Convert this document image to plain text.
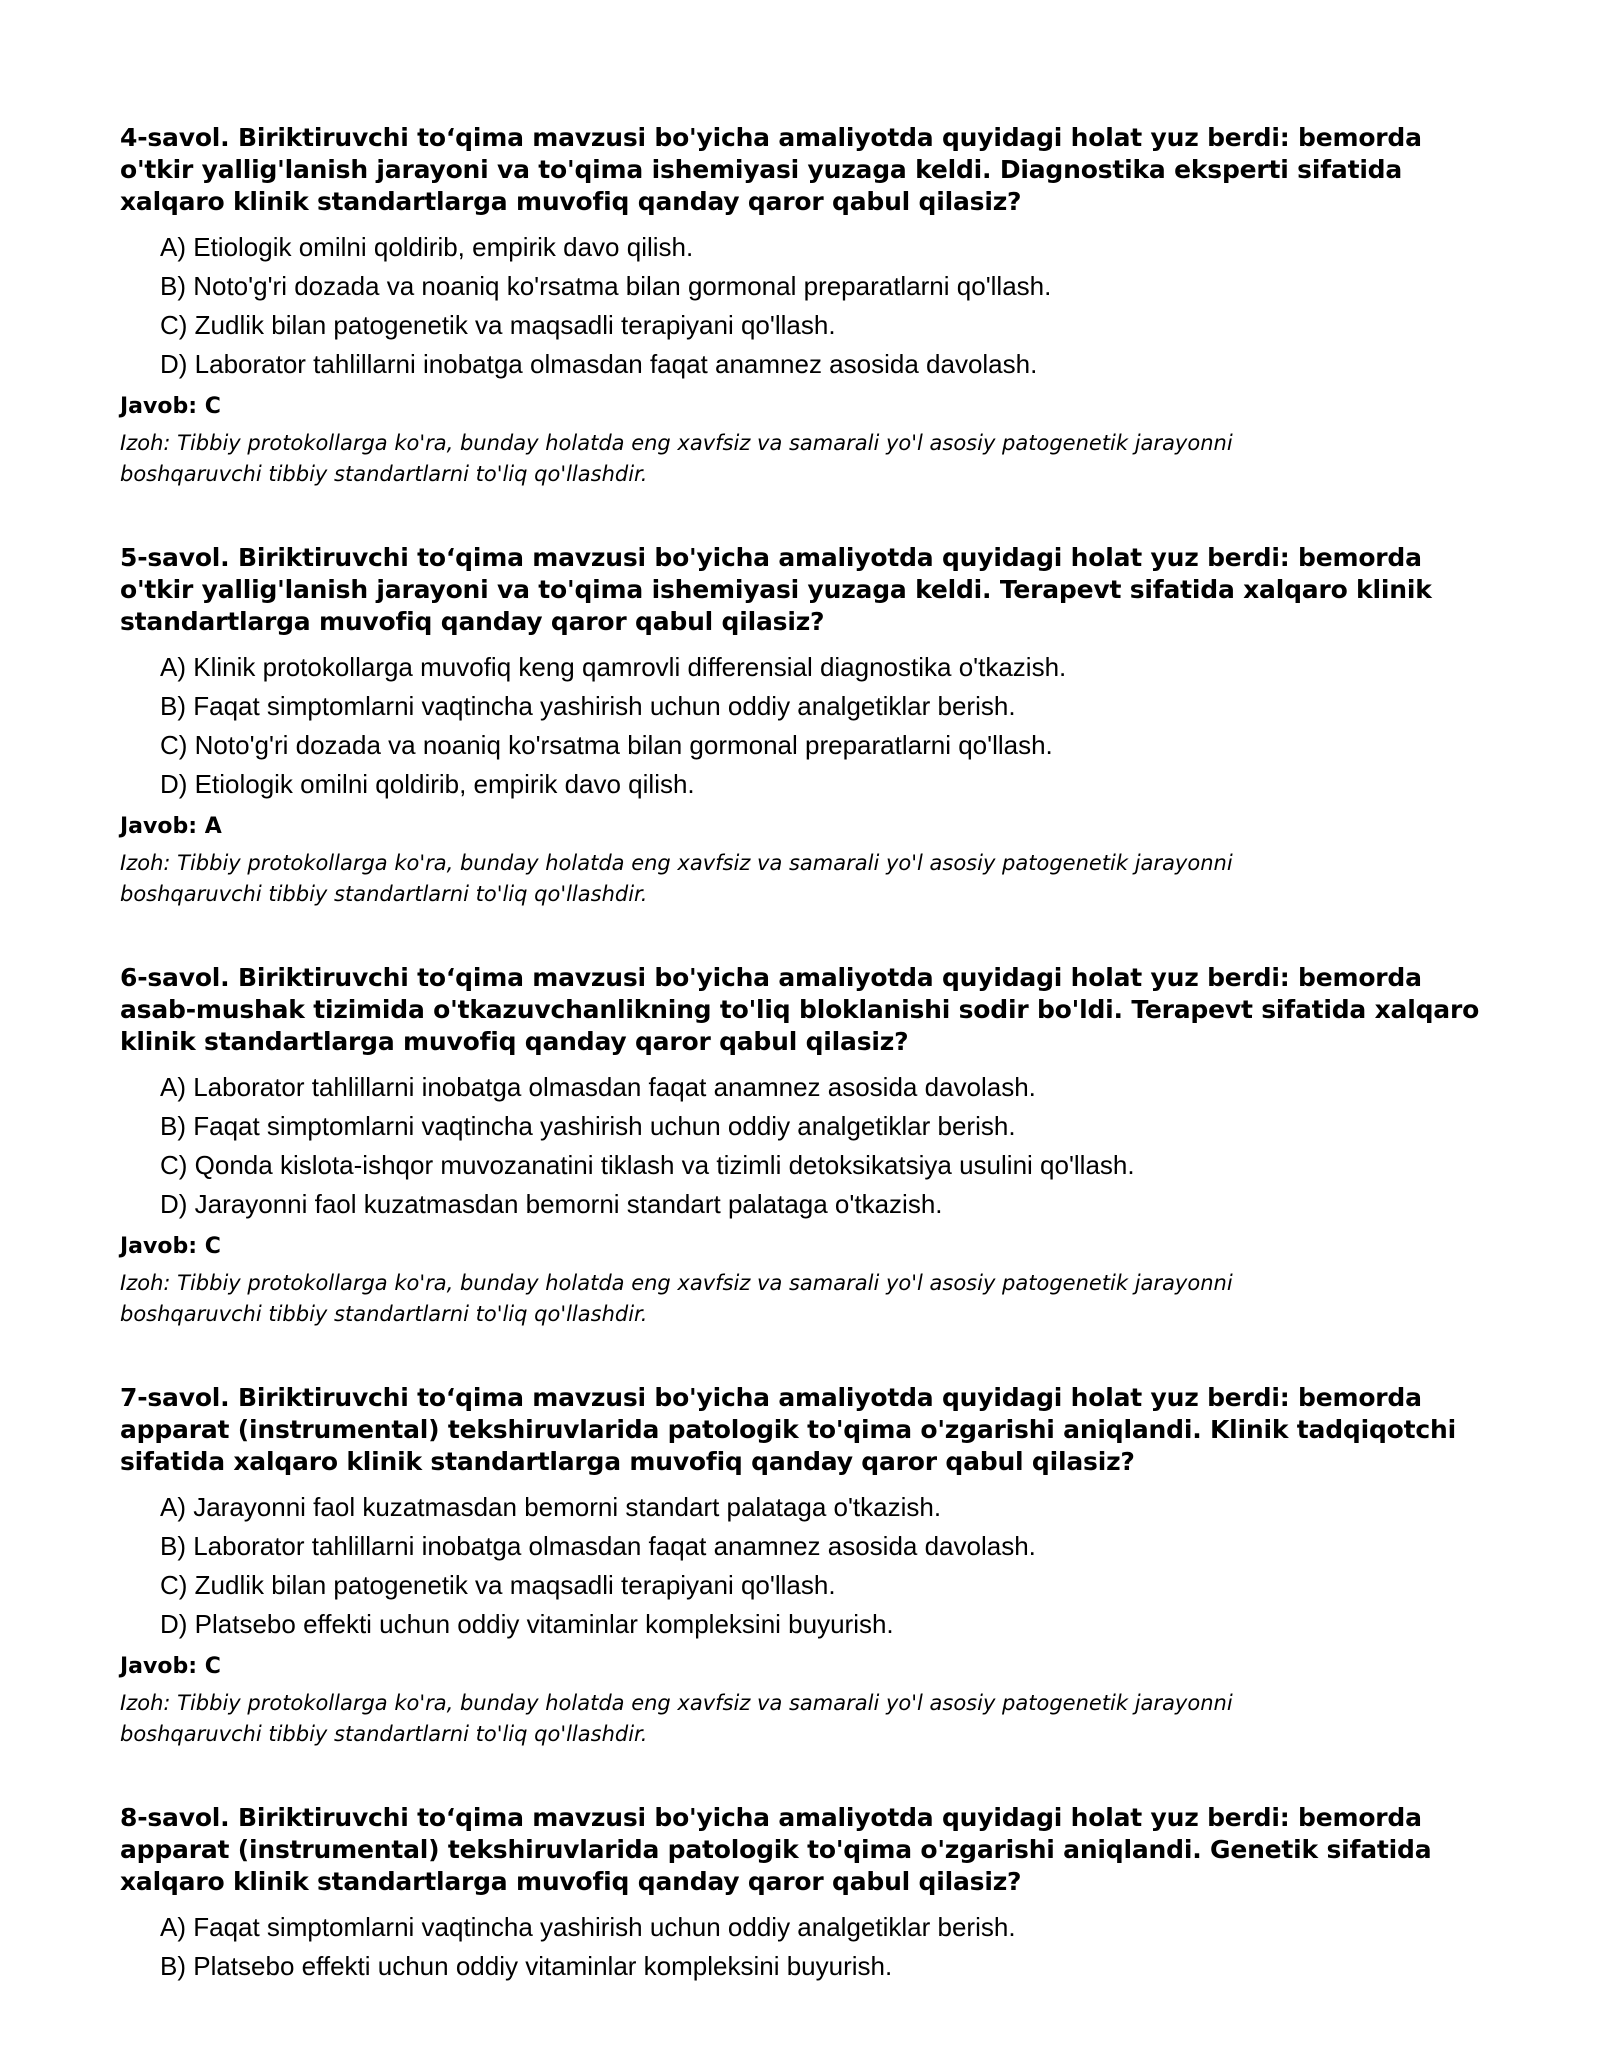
4-savol. Biriktiruvchi to‘qima mavzusi bo'yicha amaliyotda quyidagi holat yuz berdi: bemorda o'tkir yallig'lanish jarayoni va to'qima ishemiyasi yuzaga keldi. Diagnostika eksperti sifatida xalqaro klinik standartlarga muvofiq qanday qaror qabul qilasiz?
A) Etiologik omilni qoldirib, empirik davo qilish.
B) Noto'g'ri dozada va noaniq ko'rsatma bilan gormonal preparatlarni qo'llash.
C) Zudlik bilan patogenetik va maqsadli terapiyani qo'llash.
D) Laborator tahlillarni inobatga olmasdan faqat anamnez asosida davolash.
Javob: C
Izoh: Tibbiy protokollarga ko'ra, bunday holatda eng xavfsiz va samarali yo'l asosiy patogenetik jarayonni boshqaruvchi tibbiy standartlarni to'liq qo'llashdir.
5-savol. Biriktiruvchi to‘qima mavzusi bo'yicha amaliyotda quyidagi holat yuz berdi: bemorda o'tkir yallig'lanish jarayoni va to'qima ishemiyasi yuzaga keldi. Terapevt sifatida xalqaro klinik standartlarga muvofiq qanday qaror qabul qilasiz?
A) Klinik protokollarga muvofiq keng qamrovli differensial diagnostika o'tkazish.
B) Faqat simptomlarni vaqtincha yashirish uchun oddiy analgetiklar berish.
C) Noto'g'ri dozada va noaniq ko'rsatma bilan gormonal preparatlarni qo'llash.
D) Etiologik omilni qoldirib, empirik davo qilish.
Javob: A
Izoh: Tibbiy protokollarga ko'ra, bunday holatda eng xavfsiz va samarali yo'l asosiy patogenetik jarayonni boshqaruvchi tibbiy standartlarni to'liq qo'llashdir.
6-savol. Biriktiruvchi to‘qima mavzusi bo'yicha amaliyotda quyidagi holat yuz berdi: bemorda asab-mushak tizimida o'tkazuvchanlikning to'liq bloklanishi sodir bo'ldi. Terapevt sifatida xalqaro klinik standartlarga muvofiq qanday qaror qabul qilasiz?
A) Laborator tahlillarni inobatga olmasdan faqat anamnez asosida davolash.
B) Faqat simptomlarni vaqtincha yashirish uchun oddiy analgetiklar berish.
C) Qonda kislota-ishqor muvozanatini tiklash va tizimli detoksikatsiya usulini qo'llash.
D) Jarayonni faol kuzatmasdan bemorni standart palataga o'tkazish.
Javob: C
Izoh: Tibbiy protokollarga ko'ra, bunday holatda eng xavfsiz va samarali yo'l asosiy patogenetik jarayonni boshqaruvchi tibbiy standartlarni to'liq qo'llashdir.
7-savol. Biriktiruvchi to‘qima mavzusi bo'yicha amaliyotda quyidagi holat yuz berdi: bemorda apparat (instrumental) tekshiruvlarida patologik to'qima o'zgarishi aniqlandi. Klinik tadqiqotchi sifatida xalqaro klinik standartlarga muvofiq qanday qaror qabul qilasiz?
A) Jarayonni faol kuzatmasdan bemorni standart palataga o'tkazish.
B) Laborator tahlillarni inobatga olmasdan faqat anamnez asosida davolash.
C) Zudlik bilan patogenetik va maqsadli terapiyani qo'llash.
D) Platsebo effekti uchun oddiy vitaminlar kompleksini buyurish.
Javob: C
Izoh: Tibbiy protokollarga ko'ra, bunday holatda eng xavfsiz va samarali yo'l asosiy patogenetik jarayonni boshqaruvchi tibbiy standartlarni to'liq qo'llashdir.
8-savol. Biriktiruvchi to‘qima mavzusi bo'yicha amaliyotda quyidagi holat yuz berdi: bemorda apparat (instrumental) tekshiruvlarida patologik to'qima o'zgarishi aniqlandi. Genetik sifatida xalqaro klinik standartlarga muvofiq qanday qaror qabul qilasiz?
A) Faqat simptomlarni vaqtincha yashirish uchun oddiy analgetiklar berish.
B) Platsebo effekti uchun oddiy vitaminlar kompleksini buyurish.
